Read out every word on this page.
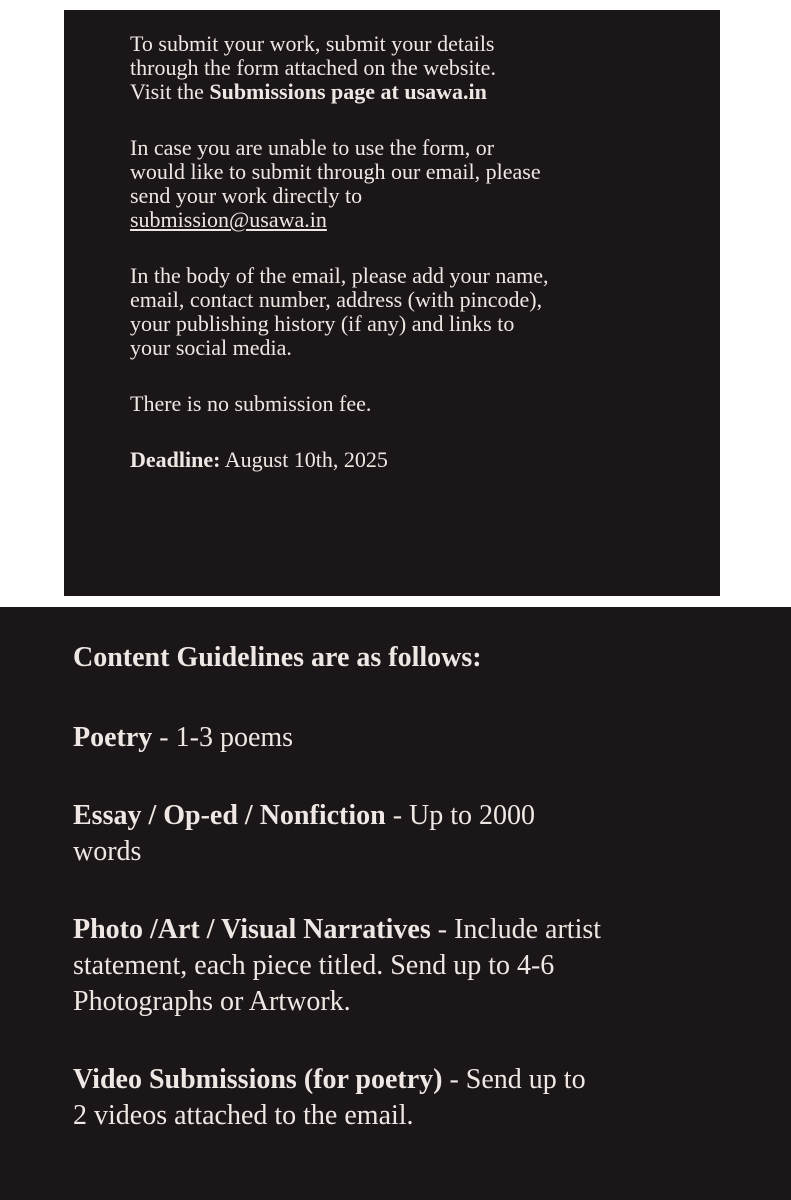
To submit your work, submit your details
through the form attached on the website.
Visit the Submissions page at usawa.in

In case you are unable to use the form, or
would like to submit through our email, please
send your work directly to
submission@usawa.in

In the body of the email, please add your name,
email, contact number, address (with pincode),
your publishing history (if any) and links to
your social media.

There is no submission fee.

Deadline: August 10th, 2025

Content Guidelines are as follows:

Poetry - 1-3 poems

Essay / Op-ed / Nonfiction - Up to 2000
words

Photo /Art / Visual Narratives - Include artist
statement, each piece titled. Send up to 4-6
Photographs or Artwork.

Video Submissions (for poetry) - Send up to
2 videos attached to the email.
